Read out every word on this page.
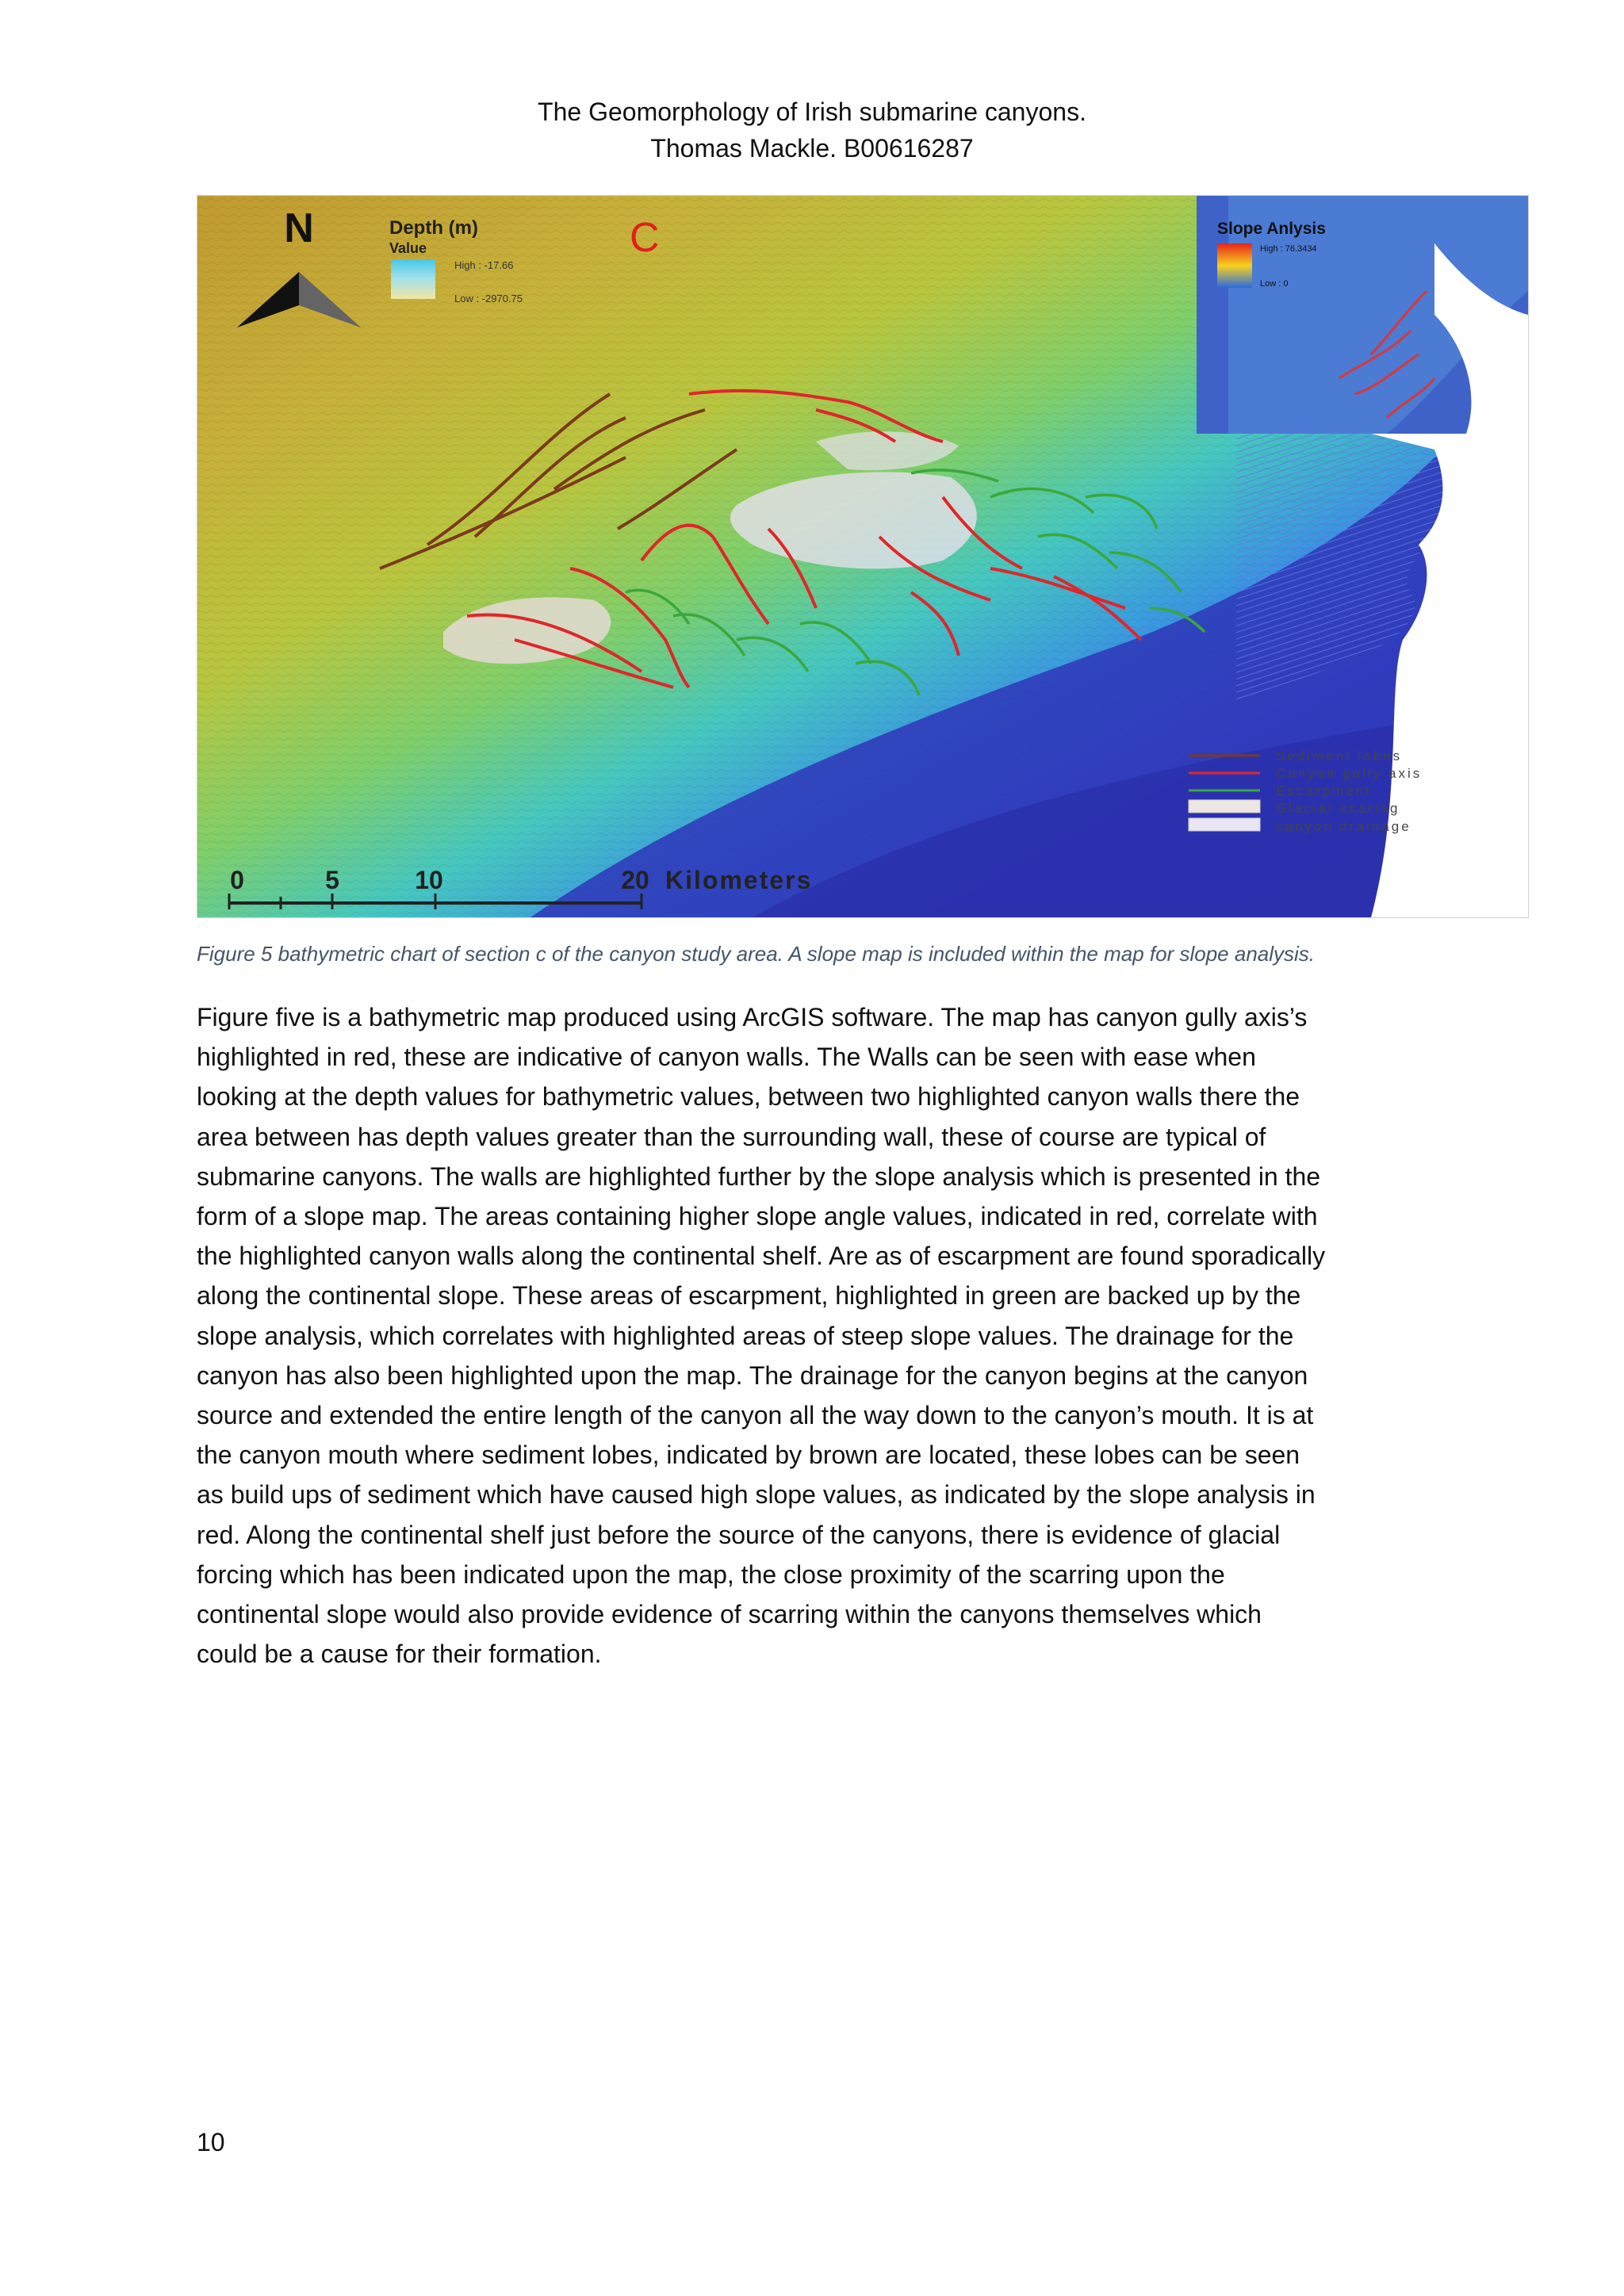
The Geomorphology of Irish submarine canyons.
Thomas Mackle. B00616287
N	Depth (m)
Value
High : -17.66
Low : -2970.75
C	Slope Anlysis
High : 76.3434
Low : 0
Sediment lobes
Canyon gully axis
Escarpment
Glacial scaring
canyon drainage
0	5	10	20 Kilometers
Figure 5 bathymetric chart of section c of the canyon study area. A slope map is included within the map for slope analysis.
Figure five is a bathymetric map produced using ArcGIS software. The map has canyon gully axis’s
highlighted in red, these are indicative of canyon walls. The Walls can be seen with ease when
looking at the depth values for bathymetric values, between two highlighted canyon walls there the
area between has depth values greater than the surrounding wall, these of course are typical of
submarine canyons. The walls are highlighted further by the slope analysis which is presented in the
form of a slope map. The areas containing higher slope angle values, indicated in red, correlate with
the highlighted canyon walls along the continental shelf. Are as of escarpment are found sporadically
along the continental slope. These areas of escarpment, highlighted in green are backed up by the
slope analysis, which correlates with highlighted areas of steep slope values. The drainage for the
canyon has also been highlighted upon the map. The drainage for the canyon begins at the canyon
source and extended the entire length of the canyon all the way down to the canyon’s mouth. It is at
the canyon mouth where sediment lobes, indicated by brown are located, these lobes can be seen
as build ups of sediment which have caused high slope values, as indicated by the slope analysis in
red. Along the continental shelf just before the source of the canyons, there is evidence of glacial
forcing which has been indicated upon the map, the close proximity of the scarring upon the
continental slope would also provide evidence of scarring within the canyons themselves which
could be a cause for their formation.
10
